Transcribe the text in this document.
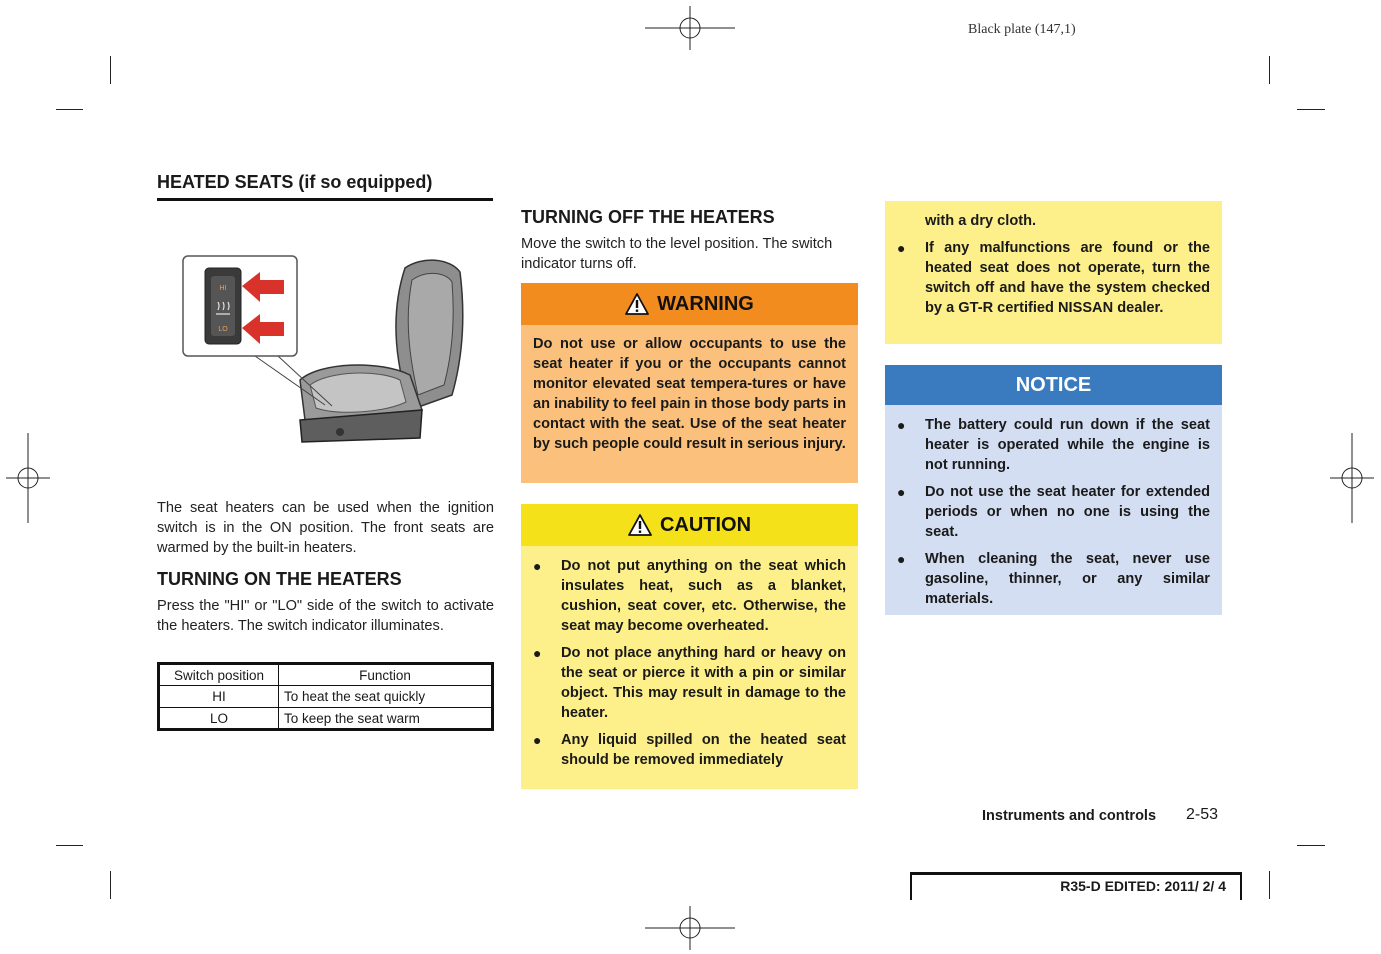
Black plate (147,1)
HEATED SEATS (if so equipped)
HI
LO
The seat heaters can be used when the ignition switch is in the ON position. The front seats are warmed by the built-in heaters.
TURNING ON THE HEATERS
Press the "HI" or "LO" side of the switch to activate the heaters. The switch indicator illuminates.
Switch position	Function
HI	To heat the seat quickly
LO	To keep the seat warm
TURNING OFF THE HEATERS
Move the switch to the level position. The switch indicator turns off.
WARNING
Do not use or allow occupants to use the seat heater if you or the occupants cannot monitor elevated seat tempera-tures or have an inability to feel pain in those body parts in contact with the seat. Use of the seat heater by such people could result in serious injury.
CAUTION
●	Do not put anything on the seat which insulates heat, such as a blanket, cushion, seat cover, etc. Otherwise, the seat may become overheated.
●	Do not place anything hard or heavy on the seat or pierce it with a pin or similar object. This may result in damage to the heater.
●	Any liquid spilled on the heated seat should be removed immediately
with a dry cloth.
●	If any malfunctions are found or the heated seat does not operate, turn the switch off and have the system checked by a GT-R certified NISSAN dealer.
NOTICE
●	The battery could run down if the seat heater is operated while the engine is not running.
●	Do not use the seat heater for extended periods or when no one is using the seat.
●	When cleaning the seat, never use gasoline, thinner, or any similar materials.
Instruments and controls 2-53
R35-D EDITED: 2011/ 2/ 4
